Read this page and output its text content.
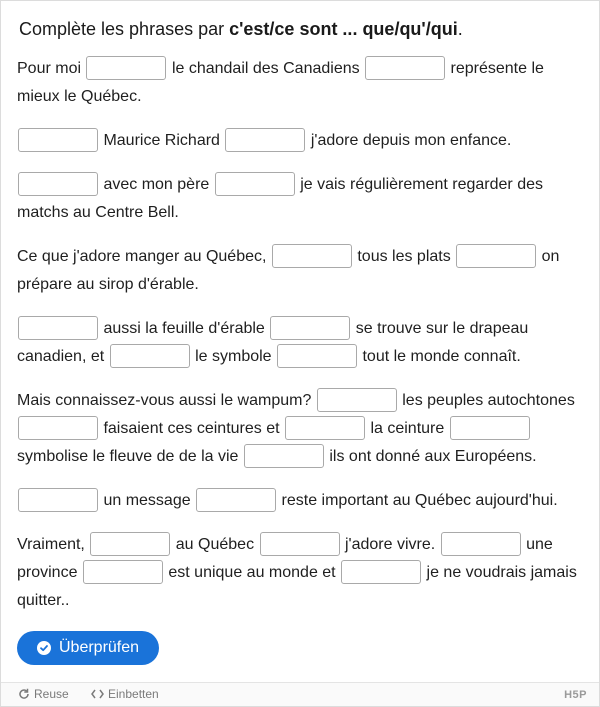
Complète les phrases par c'est/ce sont ... que/qu'/qui.
Pour moi	le chandail des Canadiens	représente le mieux le Québec.
Maurice Richard	j'adore depuis mon enfance.
avec mon père	je vais régulièrement regarder des matchs au Centre Bell.
Ce que j'adore manger au Québec,	tous les plats	on prépare au sirop d'érable.
aussi la feuille d'érable	se trouve sur le drapeau canadien, et	le symbole	tout le monde connaît.
Mais connaissez-vous aussi le wampum?	les peuples autochtones  faisaient ces ceintures et	la ceinture  symbolise le fleuve de de la vie	ils ont donné aux Européens.
un message	reste important au Québec aujourd'hui.
Vraiment,	au Québec	j'adore vivre.	une province	est unique au monde et	je ne voudrais jamais quitter..
Überprüfen
Reuse	Einbetten	H5P
